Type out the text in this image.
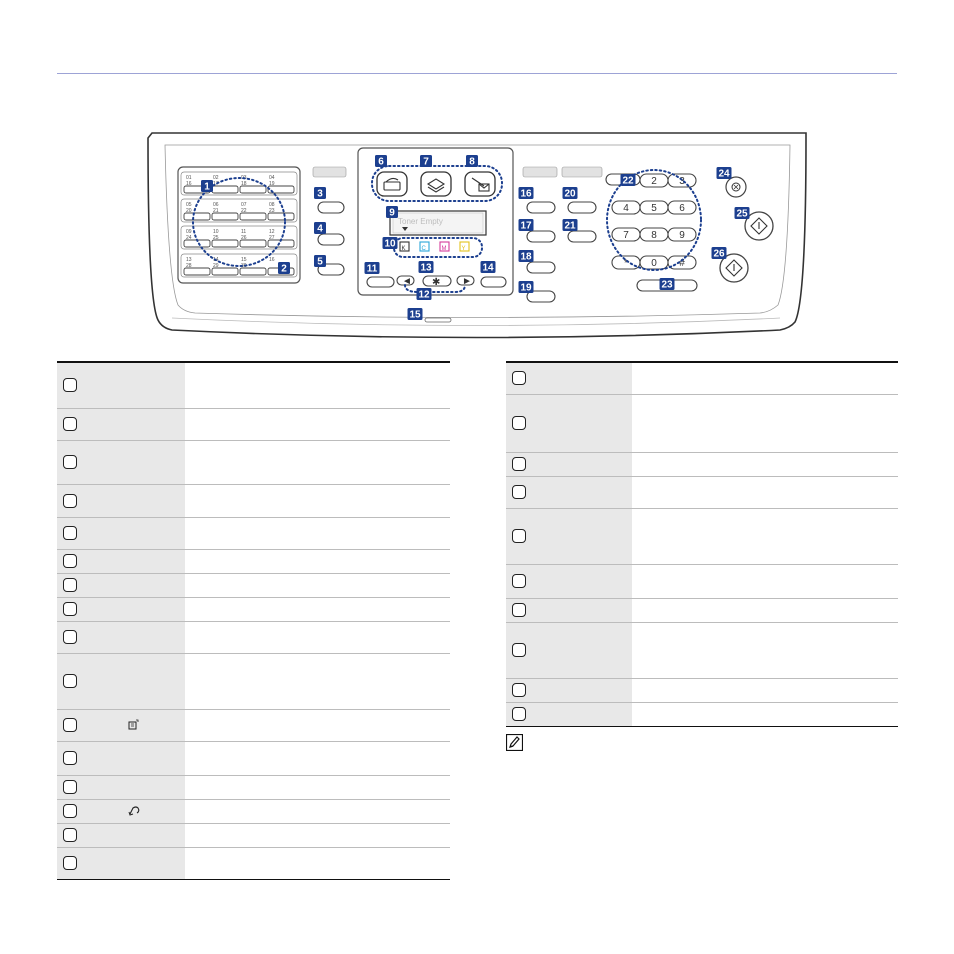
01	02	03	04
16	17	18	19
05	06	07	08
20	21	22	23
09	10	11	12
24	25	26	27
13	14	15	16
28	29	30
Toner Empty
K	C	M	Y
◄ ✱ ►
2 3
4 5 6
7 8 9
* 0 #
1
2
3
4
5
6	7	8
9
10
11
12
13	14
15
16
17
18
19
20
21
22
23
24
25
26
